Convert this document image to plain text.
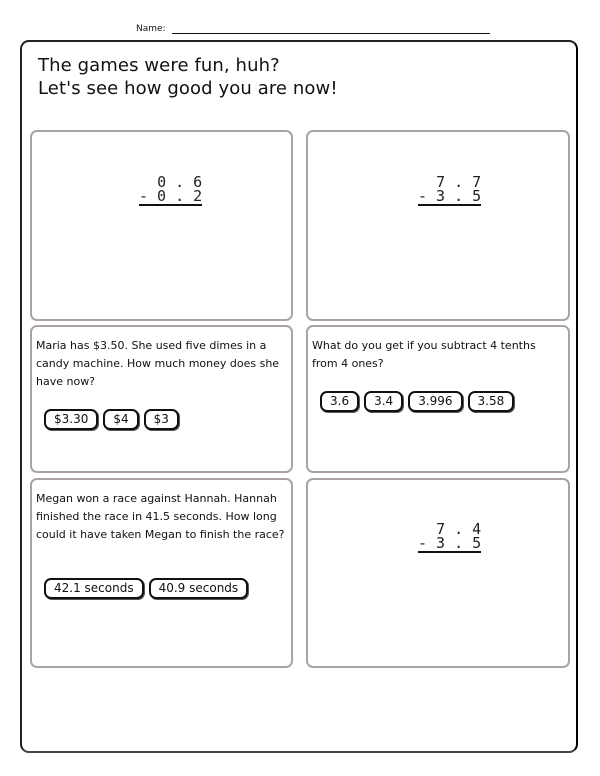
Name:
The games were fun, huh?
Let's see how good you are now!
0 . 6
- 0 . 2
7 . 7
- 3 . 5
Maria has $3.50. She used five dimes in a candy machine. How much money does she have now?
$3.30	$4	$3
What do you get if you subtract 4 tenths from 4 ones?
3.6	3.4	3.996	3.58
Megan won a race against Hannah. Hannah finished the race in 41.5 seconds. How long could it have taken Megan to finish the race?
42.1 seconds	40.9 seconds
7 . 4
- 3 . 5
